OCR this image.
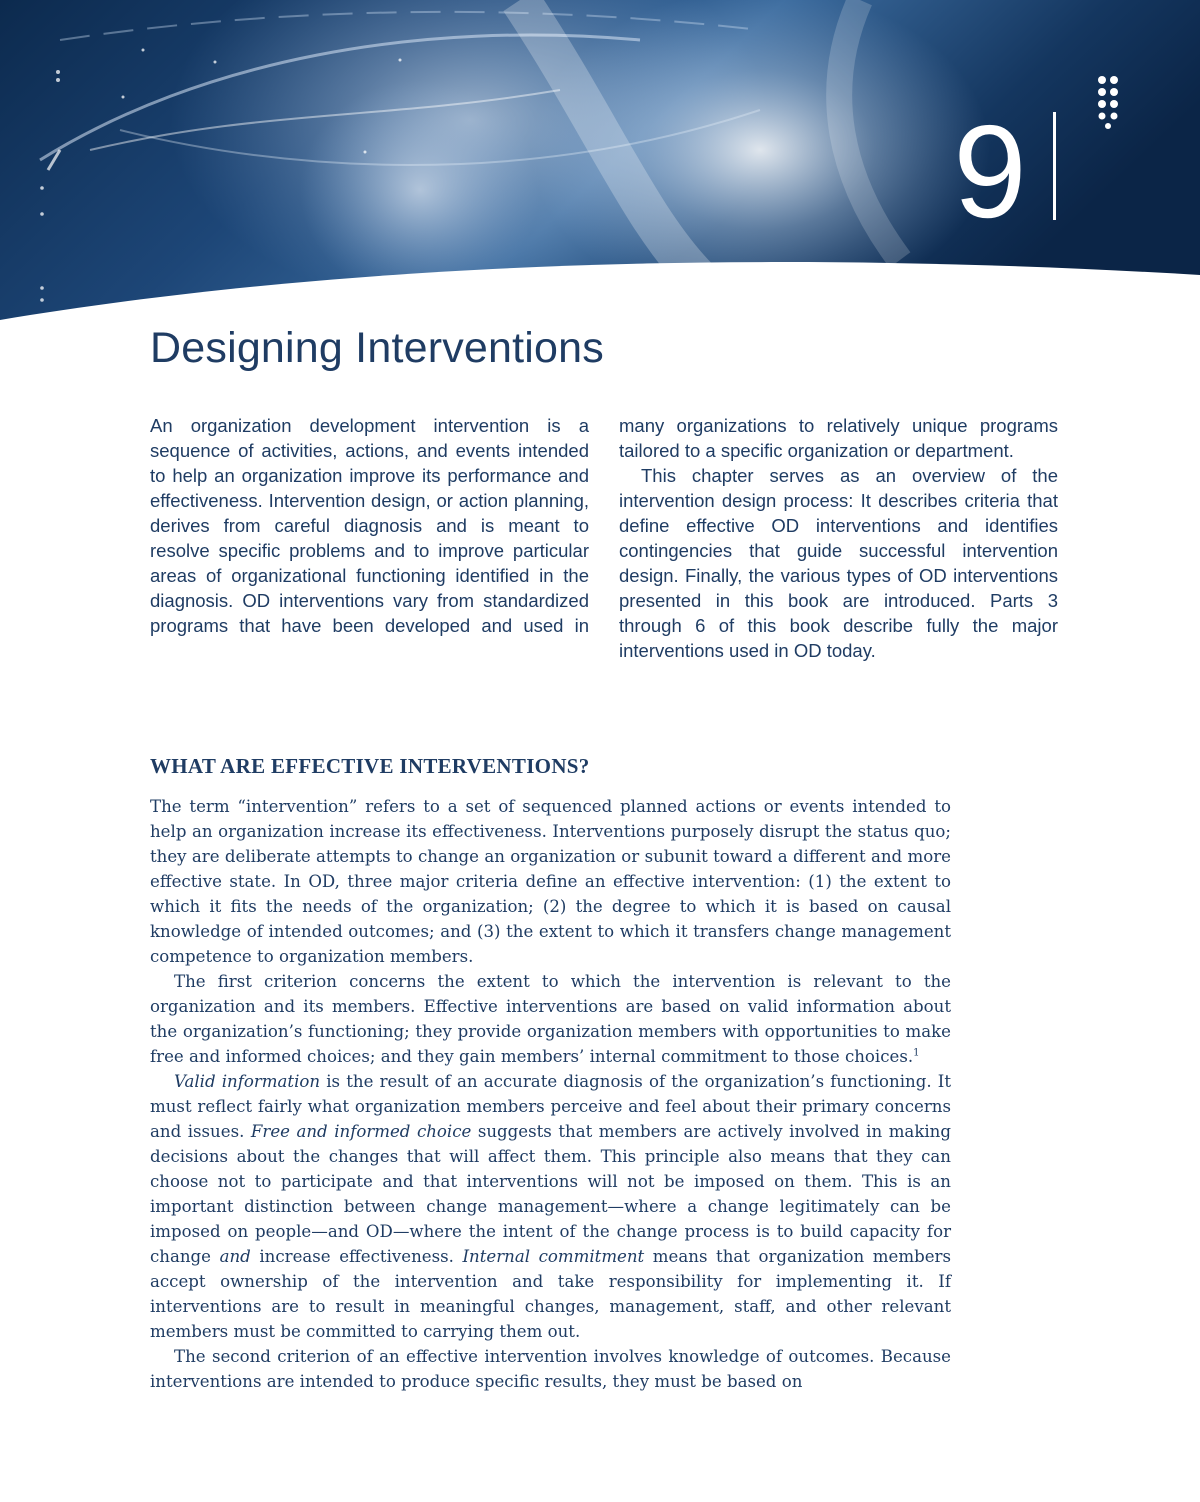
9
Designing Interventions

An organization development intervention is a sequence of activities, actions, and events intended to help an organization improve its performance and effectiveness. Intervention design, or action planning, derives from careful diagnosis and is meant to resolve specific problems and to improve particular areas of organizational functioning identified in the diagnosis. OD interventions vary from standardized programs that have been developed and used in many organizations to relatively unique programs tailored to a specific organization or department.

This chapter serves as an overview of the intervention design process: It describes criteria that define effective OD interventions and identifies contingencies that guide successful intervention design. Finally, the various types of OD interventions presented in this book are introduced. Parts 3 through 6 of this book describe fully the major interventions used in OD today.

WHAT ARE EFFECTIVE INTERVENTIONS?

The term “intervention” refers to a set of sequenced planned actions or events intended to help an organization increase its effectiveness. Interventions purposely disrupt the status quo; they are deliberate attempts to change an organization or subunit toward a different and more effective state. In OD, three major criteria define an effective intervention: (1) the extent to which it fits the needs of the organization; (2) the degree to which it is based on causal knowledge of intended outcomes; and (3) the extent to which it transfers change management competence to organization members.

The first criterion concerns the extent to which the intervention is relevant to the organization and its members. Effective interventions are based on valid information about the organization’s functioning; they provide organization members with opportunities to make free and informed choices; and they gain members’ internal commitment to those choices.$^1$

Valid information is the result of an accurate diagnosis of the organization’s functioning. It must reflect fairly what organization members perceive and feel about their primary concerns and issues. Free and informed choice suggests that members are actively involved in making decisions about the changes that will affect them. This principle also means that they can choose not to participate and that interventions will not be imposed on them. This is an important distinction between change management—where a change legitimately can be imposed on people—and OD—where the intent of the change process is to build capacity for change and increase effectiveness. Internal commitment means that organization members accept ownership of the intervention and take responsibility for implementing it. If interventions are to result in meaningful changes, management, staff, and other relevant members must be committed to carrying them out.

The second criterion of an effective intervention involves knowledge of outcomes. Because interventions are intended to produce specific results, they must be based on
